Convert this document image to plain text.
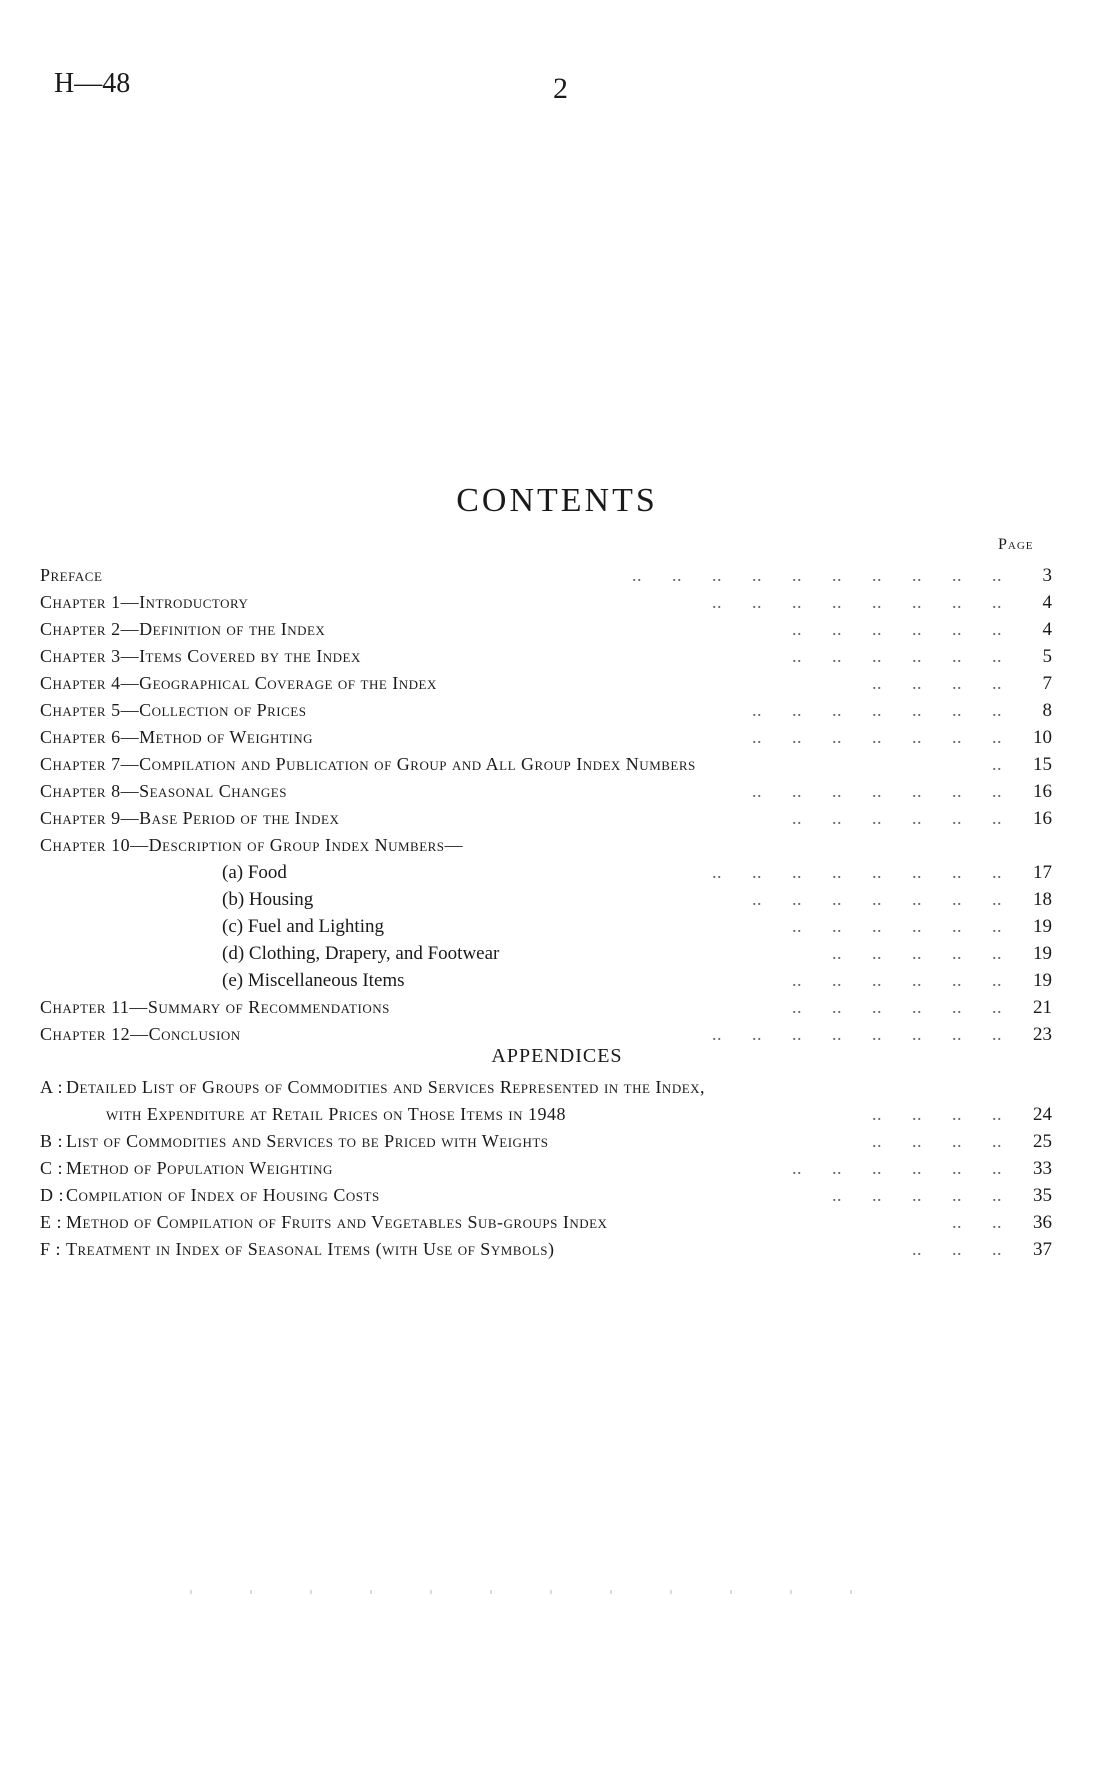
H—48	2
CONTENTS
Page
Preface	..      ..      ..      ..      ..      ..      ..      ..      ..      ..	3
Chapter 1—Introductory	..      ..      ..      ..      ..      ..      ..      ..	4
Chapter 2—Definition of the Index	..      ..      ..      ..      ..      ..	4
Chapter 3—Items Covered by the Index	..      ..      ..      ..      ..      ..	5
Chapter 4—Geographical Coverage of the Index	..      ..      ..      ..	7
Chapter 5—Collection of Prices	..      ..      ..      ..      ..      ..      ..	8
Chapter 6—Method of Weighting	..      ..      ..      ..      ..      ..      ..	10
Chapter 7—Compilation and Publication of Group and All Group Index Numbers	..	15
Chapter 8—Seasonal Changes	..      ..      ..      ..      ..      ..      ..	16
Chapter 9—Base Period of the Index	..      ..      ..      ..      ..      ..	16
Chapter 10—Description of Group Index Numbers—
(a) Food	..      ..      ..      ..      ..      ..      ..      ..	17
(b) Housing	..      ..      ..      ..      ..      ..      ..	18
(c) Fuel and Lighting	..      ..      ..      ..      ..      ..	19
(d) Clothing, Drapery, and Footwear	..      ..      ..      ..      ..	19
(e) Miscellaneous Items	..      ..      ..      ..      ..      ..	19
Chapter 11—Summary of Recommendations	..      ..      ..      ..      ..      ..	21
Chapter 12—Conclusion	..      ..      ..      ..      ..      ..      ..      ..	23
APPENDICES
A : Detailed List of Groups of Commodities and Services Represented in the Index,
with Expenditure at Retail Prices on Those Items in 1948	..      ..      ..      ..	24
B : List of Commodities and Services to be Priced with Weights	..      ..      ..      ..	25
C : Method of Population Weighting	..      ..      ..      ..      ..      ..	33
D : Compilation of Index of Housing Costs	..      ..      ..      ..      ..	35
E : Method of Compilation of Fruits and Vegetables Sub-groups Index	..      ..	36
F : Treatment in Index of Seasonal Items (with Use of Symbols)	..      ..      ..	37
